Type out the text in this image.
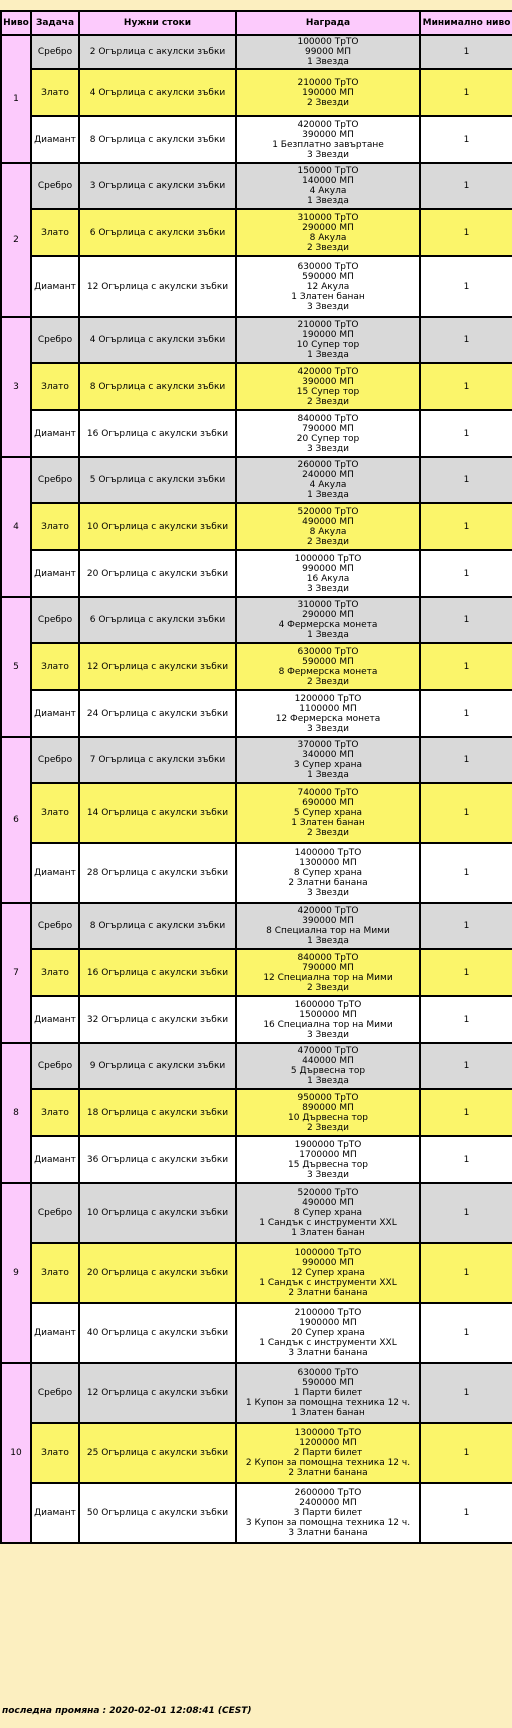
Ниво	Задача	Нужни стоки	Награда	Минимално ниво
1	Сребро	2 Огърлица с акулски зъбки	100000 ТрТО
99000 МП
1 Звезда	1
	Злато	4 Огърлица с акулски зъбки	210000 ТрТО
190000 МП
2 Звезди	1
	Диамант	8 Огърлица с акулски зъбки	420000 ТрТО
390000 МП
1 Безплатно завъртане
3 Звезди	1
2	Сребро	3 Огърлица с акулски зъбки	150000 ТрТО
140000 МП
4 Акула
1 Звезда	1
	Злато	6 Огърлица с акулски зъбки	310000 ТрТО
290000 МП
8 Акула
2 Звезди	1
	Диамант	12 Огърлица с акулски зъбки	630000 ТрТО
590000 МП
12 Акула
1 Златен банан
3 Звезди	1
3	Сребро	4 Огърлица с акулски зъбки	210000 ТрТО
190000 МП
10 Супер тор
1 Звезда	1
	Злато	8 Огърлица с акулски зъбки	420000 ТрТО
390000 МП
15 Супер тор
2 Звезди	1
	Диамант	16 Огърлица с акулски зъбки	840000 ТрТО
790000 МП
20 Супер тор
3 Звезди	1
4	Сребро	5 Огърлица с акулски зъбки	260000 ТрТО
240000 МП
4 Акула
1 Звезда	1
	Злато	10 Огърлица с акулски зъбки	520000 ТрТО
490000 МП
8 Акула
2 Звезди	1
	Диамант	20 Огърлица с акулски зъбки	1000000 ТрТО
990000 МП
16 Акула
3 Звезди	1
5	Сребро	6 Огърлица с акулски зъбки	310000 ТрТО
290000 МП
4 Фермерска монета
1 Звезда	1
	Злато	12 Огърлица с акулски зъбки	630000 ТрТО
590000 МП
8 Фермерска монета
2 Звезди	1
	Диамант	24 Огърлица с акулски зъбки	1200000 ТрТО
1100000 МП
12 Фермерска монета
3 Звезди	1
6	Сребро	7 Огърлица с акулски зъбки	370000 ТрТО
340000 МП
3 Супер храна
1 Звезда	1
	Злато	14 Огърлица с акулски зъбки	740000 ТрТО
690000 МП
5 Супер храна
1 Златен банан
2 Звезди	1
	Диамант	28 Огърлица с акулски зъбки	1400000 ТрТО
1300000 МП
8 Супер храна
2 Златни банана
3 Звезди	1
7	Сребро	8 Огърлица с акулски зъбки	420000 ТрТО
390000 МП
8 Специална тор на Мими
1 Звезда	1
	Злато	16 Огърлица с акулски зъбки	840000 ТрТО
790000 МП
12 Специална тор на Мими
2 Звезди	1
	Диамант	32 Огърлица с акулски зъбки	1600000 ТрТО
1500000 МП
16 Специална тор на Мими
3 Звезди	1
8	Сребро	9 Огърлица с акулски зъбки	470000 ТрТО
440000 МП
5 Дървесна тор
1 Звезда	1
	Злато	18 Огърлица с акулски зъбки	950000 ТрТО
890000 МП
10 Дървесна тор
2 Звезди	1
	Диамант	36 Огърлица с акулски зъбки	1900000 ТрТО
1700000 МП
15 Дървесна тор
3 Звезди	1
9	Сребро	10 Огърлица с акулски зъбки	520000 ТрТО
490000 МП
8 Супер храна
1 Сандък с инструменти XXL
1 Златен банан	1
	Злато	20 Огърлица с акулски зъбки	1000000 ТрТО
990000 МП
12 Супер храна
1 Сандък с инструменти XXL
2 Златни банана	1
	Диамант	40 Огърлица с акулски зъбки	2100000 ТрТО
1900000 МП
20 Супер храна
1 Сандък с инструменти XXL
3 Златни банана	1
10	Сребро	12 Огърлица с акулски зъбки	630000 ТрТО
590000 МП
1 Парти билет
1 Купон за помощна техника 12 ч.
1 Златен банан	1
	Злато	25 Огърлица с акулски зъбки	1300000 ТрТО
1200000 МП
2 Парти билет
2 Купон за помощна техника 12 ч.
2 Златни банана	1
	Диамант	50 Огърлица с акулски зъбки	2600000 ТрТО
2400000 МП
3 Парти билет
3 Купон за помощна техника 12 ч.
3 Златни банана	1
последна промяна : 2020-02-01 12:08:41 (CEST)
